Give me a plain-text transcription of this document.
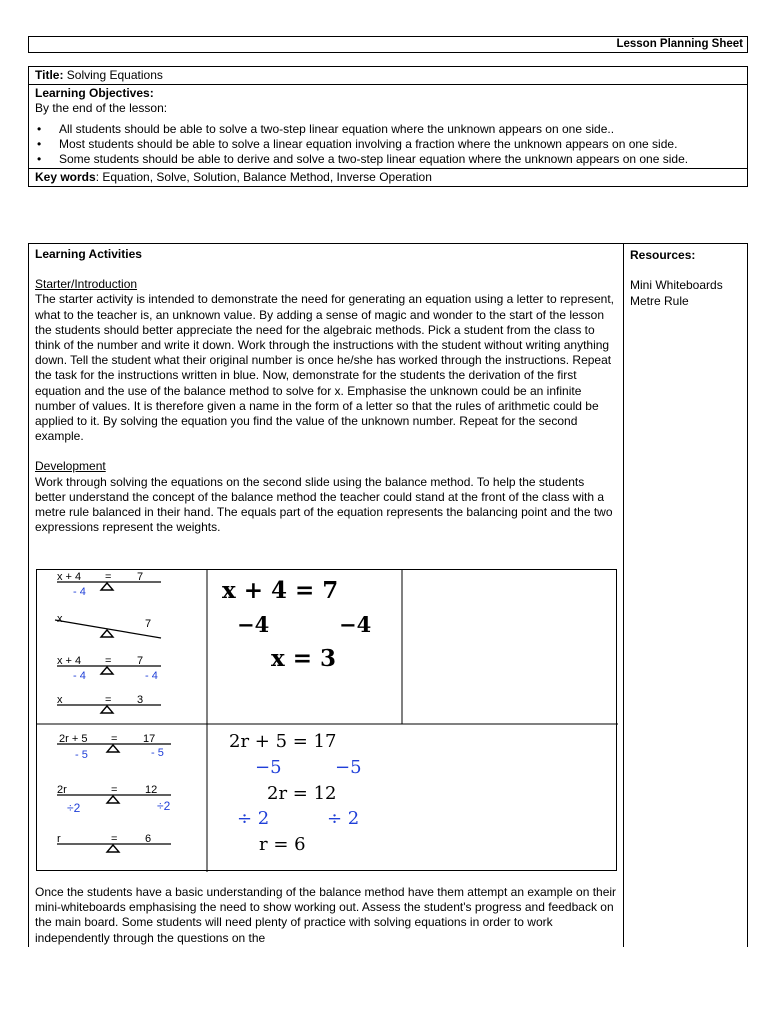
Lesson Planning Sheet
Title: Solving Equations
Learning Objectives:
By the end of the lesson:
• All students should be able to solve a two-step linear equation where the unknown appears on one side..
• Most students should be able to solve a linear equation involving a fraction where the unknown appears on one side.
• Some students should be able to derive and solve a two-step linear equation where the unknown appears on one side.
Key words: Equation, Solve, Solution, Balance Method, Inverse Operation

Learning Activities

Starter/Introduction

The starter activity is intended to demonstrate the need for generating an equation using a letter to represent, what to the teacher is, an unknown value. By adding a sense of magic and wonder to the start of the lesson the students should better appreciate the need for the algebraic methods. Pick a student from the class to think of the number and write it down. Work through the instructions with the student without writing anything down. Tell the student what their original number is once he/she has worked through the instructions. Repeat the task for the instructions written in blue. Now, demonstrate for the students the derivation of the first equation and the use of the balance method to solve for x. Emphasise the unknown could be an infinite number of values. It is therefore given a name in the form of a letter so that the rules of arithmetic could be applied to it. By solving the equation you find the value of the unknown number. Repeat for the second example.

Development

Work through solving the equations on the second slide using the balance method. To help the students better understand the concept of the balance method the teacher could stand at the front of the class with a metre rule balanced in their hand. The equals part of the equation represents the balancing point and the two expressions represent the weights.

x + 4 = 7
- 4
x	7
x + 4 = 7
- 4	- 4
x	= 3
x + 4 = 7
−4	−4
x = 3
2r + 5 = 17
- 5	- 5
2r	=	12
÷2	÷2
r	=	6
2r + 5 = 17
−5	−5
2r = 12
÷ 2	÷ 2
r = 6

Once the students have a basic understanding of the balance method have them attempt an example on their mini-whiteboards emphasising the need to show working out. Assess the student's progress and feedback on the main board. Some students will need plenty of practice with solving equations in order to work independently through the questions on the

Resources:

Mini Whiteboards

Metre Rule
